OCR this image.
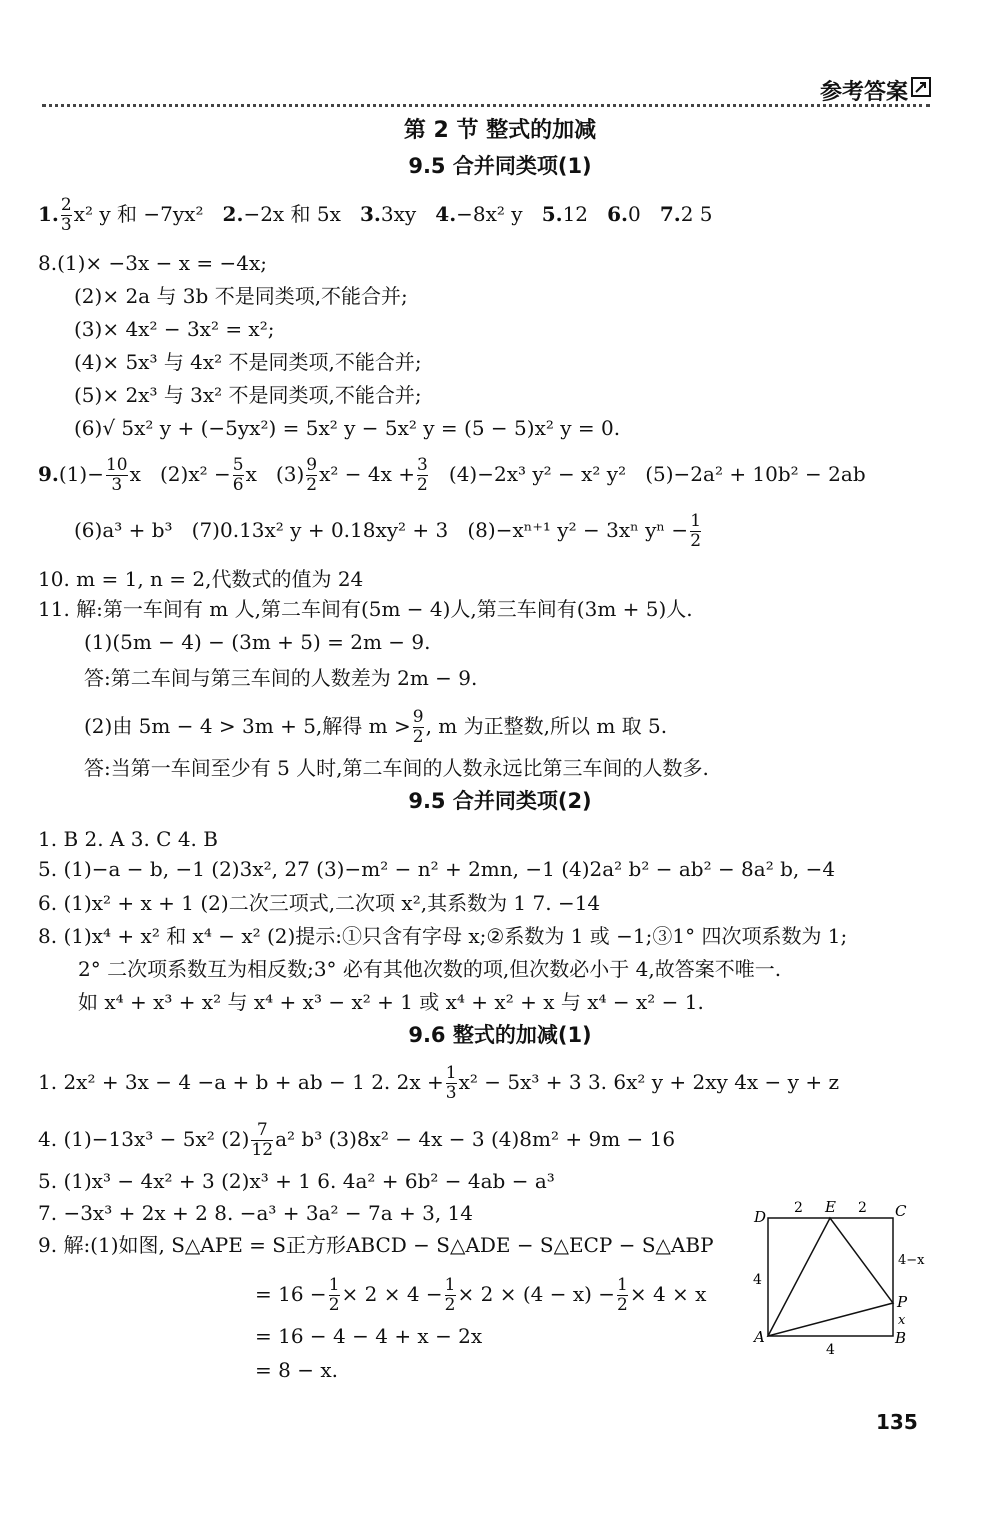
参考答案
第 2 节 整式的加减
9.5 合并同类项(1)
1. $\frac{2}{3} x^2$ y 和 −7yx² 2.−2x 和 5x 3.3xy 4.−8x² y 5.12 6.0 7.2 5
8.(1)× −3x − x = −4x;
(2)× 2a 与 3b 不是同类项,不能合并;
(3)× 4x² − 3x² = x²;
(4)× 5x³ 与 4x² 不是同类项,不能合并;
(5)× 2x³ 与 3x² 不是同类项,不能合并;
(6)√ 5x² y + (−5yx²) = 5x² y − 5x² y = (5 − 5)x² y = 0.
$9.(1)- \frac{10}{3}$ x $(2)x^2 - \frac{5}{6}$ x $(3) \frac{9}{2} x^2 - 4x + \frac{3}{2} (4)-2x^3$ y² − x² y² (5)−2a² + 10b² − 2ab
(6)a³ + b³ (7)0.13x² y + 0.18xy² + 3 (8)−xⁿ⁺¹ y² − 3xⁿ $y^n - \frac{1}{2}$
10. m = 1, n = 2,代数式的值为 24
11. 解:第一车间有 m 人,第二车间有(5m − 4)人,第三车间有(3m + 5)人.
(1)(5m − 4) − (3m + 5) = 2m − 9.
答:第二车间与第三车间的人数差为 2m − 9.
(2)由 5m − 4 > 3m + 5,解得 $m > \frac{9}{2}$ , m 为正整数,所以 m 取 5.
答:当第一车间至少有 5 人时,第二车间的人数永远比第三车间的人数多.
9.5 合并同类项(2)
1. B 2. A 3. C 4. B
5. (1)−a − b, −1 (2)3x², 27 (3)−m² − n² + 2mn, −1 (4)2a² b² − ab² − 8a² b, −4
6. (1)x² + x + 1 (2)二次三项式,二次项 x²,其系数为 1 7. −14
8. (1)x⁴ + x² 和 x⁴ − x² (2)提示:①只含有字母 x;②系数为 1 或 −1;③1° 四次项系数为 1;
2° 二次项系数互为相反数;3° 必有其他次数的项,但次数必小于 4,故答案不唯一.
如 x⁴ + x³ + x² 与 x⁴ + x³ − x² + 1 或 x⁴ + x² + x 与 x⁴ − x² − 1.
9.6 整式的加减(1)
1. 2x² + 3x − 4 −a + b + ab − 1 2. $2x + \frac{1}{3} x^2 - 5x^3 + 3$ 3. 6x² y + 2xy 4x − y + z
4. (1)−13x³ − 5x² $(2) \frac{7}{12} a^2$ b³ (3)8x² − 4x − 3 (4)8m² + 9m − 16
5. (1)x³ − 4x² + 3 (2)x³ + 1 6. 4a² + 6b² − 4ab − a³
7. −3x³ + 2x + 2 8. −a³ + 3a² − 7a + 3, 14
9. 解:(1)如图, S△APE = S正方形ABCD − S△ADE − S△ECP − S△ABP
= $16 - \frac{1}{2} \times 2 \times 4 - \frac{1}{2} \times 2 \times (4 - x) - \frac{1}{2} \times 4 \times x$
= 16 − 4 − 4 + x − 2x
= 8 − x.
D
E	C
A	B
P
2	2
4−x
4
x
4
135
